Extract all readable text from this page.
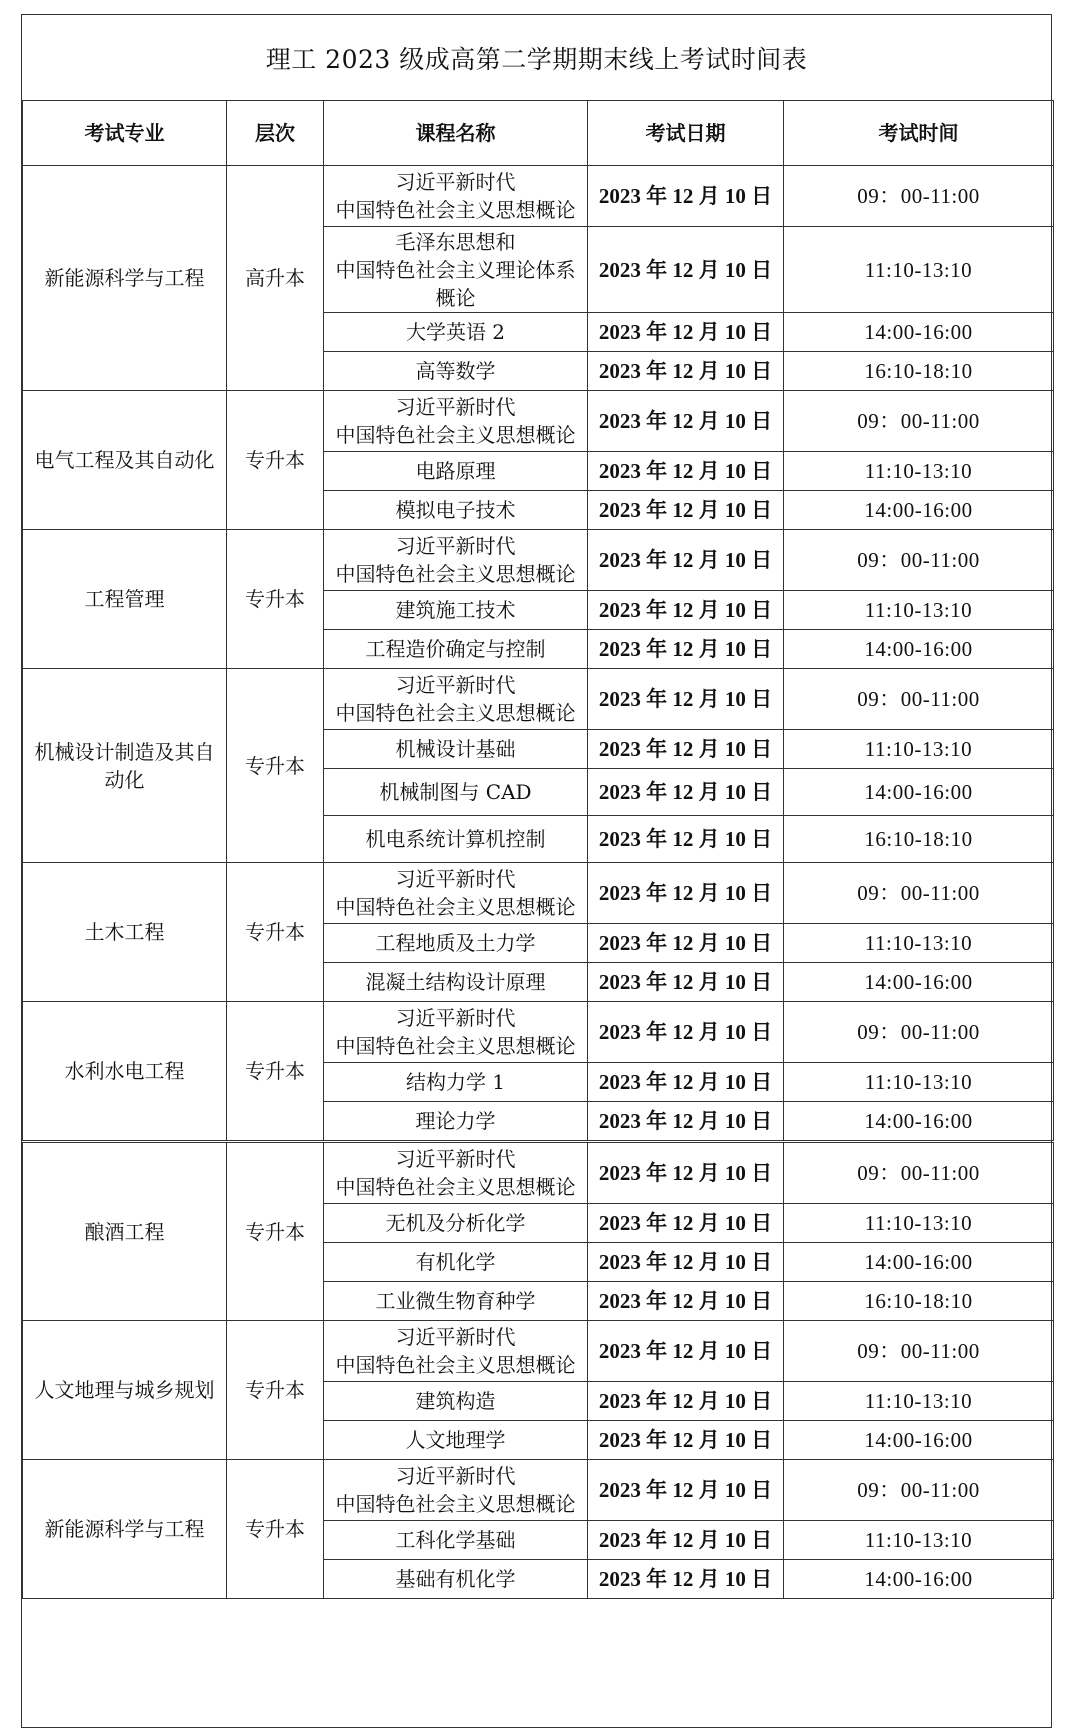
理工 2023 级成高第二学期期末线上考试时间表
考试专业	层次	课程名称	考试日期	考试时间
新能源科学与工程	高升本	习近平新时代
中国特色社会主义思想概论	2023 年 12 月 10 日	09：00-11:00
		毛泽东思想和
中国特色社会主义理论体系
概论	2023 年 12 月 10 日	11:10-13:10
		大学英语 2	2023 年 12 月 10 日	14:00-16:00
		高等数学	2023 年 12 月 10 日	16:10-18:10
电气工程及其自动化	专升本	习近平新时代
中国特色社会主义思想概论	2023 年 12 月 10 日	09：00-11:00
		电路原理	2023 年 12 月 10 日	11:10-13:10
		模拟电子技术	2023 年 12 月 10 日	14:00-16:00
工程管理	专升本	习近平新时代
中国特色社会主义思想概论	2023 年 12 月 10 日	09：00-11:00
		建筑施工技术	2023 年 12 月 10 日	11:10-13:10
		工程造价确定与控制	2023 年 12 月 10 日	14:00-16:00
机械设计制造及其自动化	专升本	习近平新时代
中国特色社会主义思想概论	2023 年 12 月 10 日	09：00-11:00
		机械设计基础	2023 年 12 月 10 日	11:10-13:10
		机械制图与 CAD	2023 年 12 月 10 日	14:00-16:00
		机电系统计算机控制	2023 年 12 月 10 日	16:10-18:10
土木工程	专升本	习近平新时代
中国特色社会主义思想概论	2023 年 12 月 10 日	09：00-11:00
		工程地质及土力学	2023 年 12 月 10 日	11:10-13:10
		混凝土结构设计原理	2023 年 12 月 10 日	14:00-16:00
水利水电工程	专升本	习近平新时代
中国特色社会主义思想概论	2023 年 12 月 10 日	09：00-11:00
		结构力学 1	2023 年 12 月 10 日	11:10-13:10
		理论力学	2023 年 12 月 10 日	14:00-16:00
酿酒工程	专升本	习近平新时代
中国特色社会主义思想概论	2023 年 12 月 10 日	09：00-11:00
		无机及分析化学	2023 年 12 月 10 日	11:10-13:10
		有机化学	2023 年 12 月 10 日	14:00-16:00
		工业微生物育种学	2023 年 12 月 10 日	16:10-18:10
人文地理与城乡规划	专升本	习近平新时代
中国特色社会主义思想概论	2023 年 12 月 10 日	09：00-11:00
		建筑构造	2023 年 12 月 10 日	11:10-13:10
		人文地理学	2023 年 12 月 10 日	14:00-16:00
新能源科学与工程	专升本	习近平新时代
中国特色社会主义思想概论	2023 年 12 月 10 日	09：00-11:00
		工科化学基础	2023 年 12 月 10 日	11:10-13:10
		基础有机化学	2023 年 12 月 10 日	14:00-16:00
